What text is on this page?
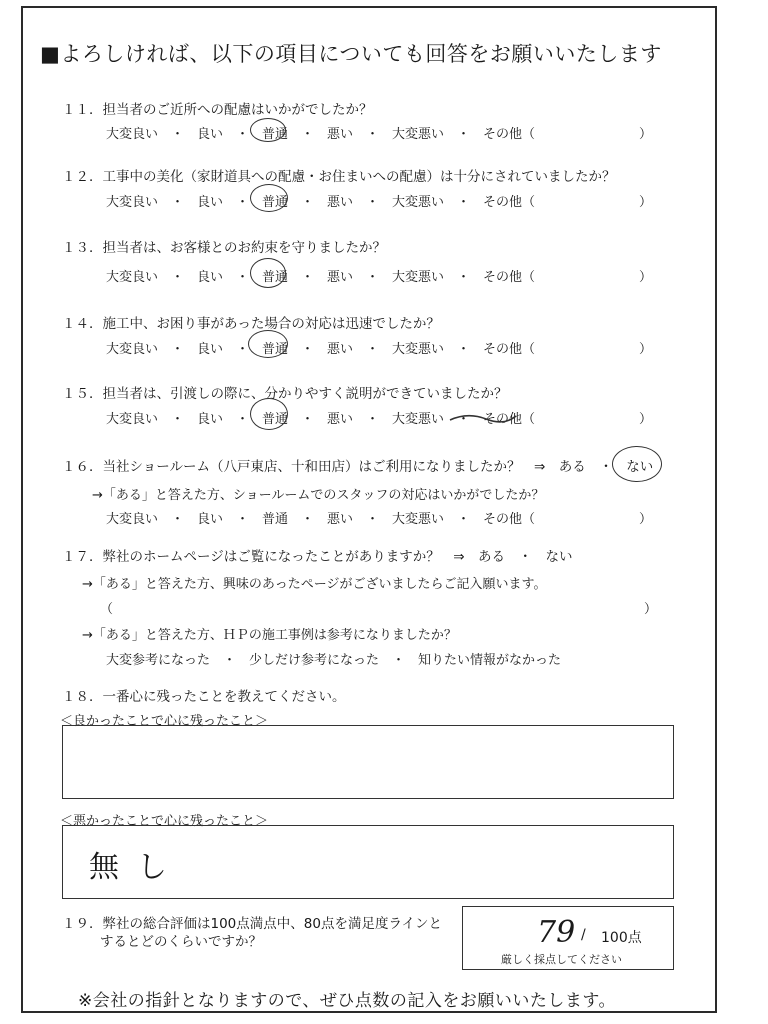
■よろしければ、以下の項目についても回答をお願いいたします
１１．担当者のご近所への配慮はいかがでしたか？
大変良い　・　良い　・　普通　・　悪い　・　大変悪い　・　その他（　　　　　　　　）
普通
１２．工事中の美化（家財道具への配慮・お住まいへの配慮）は十分にされていましたか？
大変良い　・　良い　・　普通　・　悪い　・　大変悪い　・　その他（　　　　　　　　）
普通
１３．担当者は、お客様とのお約束を守りましたか？
大変良い　・　良い　・　普通　・　悪い　・　大変悪い　・　その他（　　　　　　　　）
普通
１４．施工中、お困り事があった場合の対応は迅速でしたか？
大変良い　・　良い　・　普通　・　悪い　・　大変悪い　・　その他（　　　　　　　　）
普通
１５．担当者は、引渡しの際に、分かりやすく説明ができていましたか？
大変良い　・　良い　・　普通　・　悪い　・　大変悪い　・　その他（　　　　　　　　）
普通
１６．当社ショールーム（八戸東店、十和田店）はご利用になりましたか？　⇒　ある　・　ない
ない
→「ある」と答えた方、ショールームでのスタッフの対応はいかがでしたか？
大変良い　・　良い　・　普通　・　悪い　・　大変悪い　・　その他（　　　　　　　　）
１７．弊社のホームページはご覧になったことがありますか？　⇒　ある　・　ない
→「ある」と答えた方、興味のあったページがございましたらご記入願います。
（	）
→「ある」と答えた方、ＨＰの施工事例は参考になりましたか？
大変参考になった　・　少しだけ参考になった　・　知りたい情報がなかった
１８．一番心に残ったことを教えてください。
＜良かったことで心に残ったこと＞
＜悪かったことで心に残ったこと＞
無し
１９．弊社の総合評価は100点満点中、80点を満足度ラインと
するとどのくらいですか？	79 / 100点
厳しく採点してください
※会社の指針となりますので、ぜひ点数の記入をお願いいたします。
